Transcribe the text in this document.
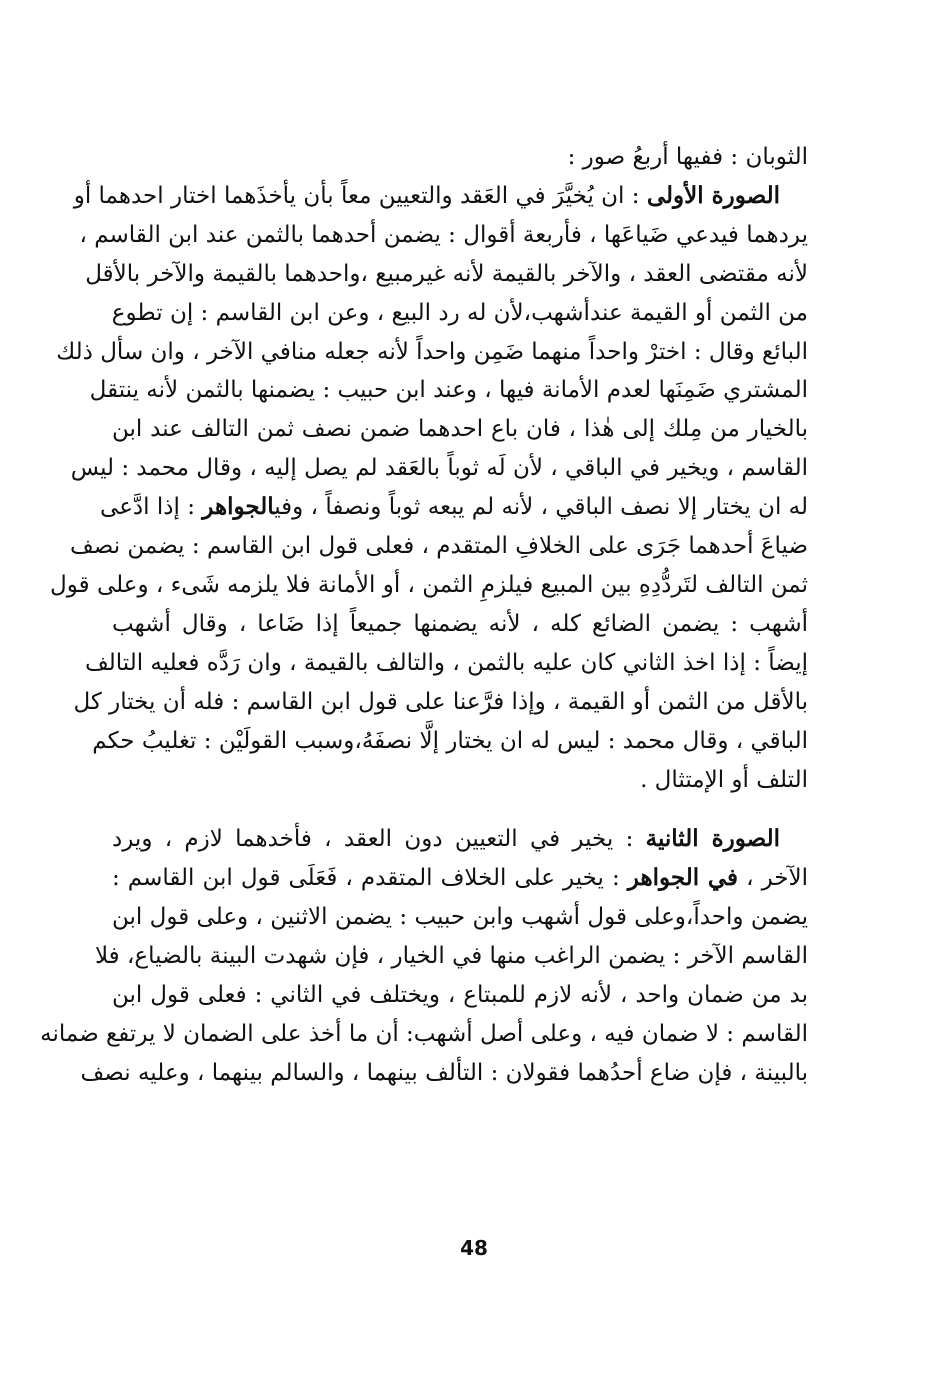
الثوبان : ففيها أربعُ صور :
الصورة الأولى : ان يُخيَّرَ في العَقد والتعيين معاً بأن يأخذَهما اختار احدهما أو
يردهما فيدعي ضَياعَها ، فأربعة أقوال : يضمن أحدهما بالثمن عند ابن القاسم ،
لأنه مقتضى العقد ، والآخر بالقيمة لأنه غيرمبيع ،واحدهما بالقيمة والآخر بالأقل
من الثمن أو القيمة عندأشهب،لأن له رد البيع ، وعن ابن القاسم : إن تطوع
البائع وقال : اخترْ واحداً منهما ضَمِن واحداً لأنه جعله منافي الآخر ، وان سأل ذلك
المشتري ضَمِنَها لعدم الأمانة فيها ، وعند ابن حبيب : يضمنها بالثمن لأنه ينتقل
بالخيار من مِلك إلى هٰذا ، فان باع احدهما ضمن نصف ثمن التالف عند ابن
القاسم ، ويخير في الباقي ، لأن لَه ثوباً بالعَقد لم يصل إليه ، وقال محمد : ليس
له ان يختار إلا نصف الباقي ، لأنه لم يبعه ثوباً ونصفاً ، وفيالجواهر : إذا ادَّعى
ضياعَ أحدهما جَرَى على الخلافِ المتقدم ، فعلى قول ابن القاسم : يضمن نصف
ثمن التالف لتَردُّدِهِ بين المبيع فيلزمِ الثمن ، أو الأمانة فلا يلزمه شَىء ، وعلى قول
أشهب : يضمن الضائع كله ، لأنه يضمنها جميعاً إذا ضَاعا ، وقال أشهب
إيضاً : إذا اخذ الثاني كان عليه بالثمن ، والتالف بالقيمة ، وان رَدَّه فعليه التالف
بالأقل من الثمن أو القيمة ، وإذا فرَّعنا على قول ابن القاسم : فله أن يختار كل
الباقي ، وقال محمد : ليس له ان يختار إلَّا نصفَهُ،وسبب القولَيْن : تغليبُ حكم
التلف أو الإمتثال .
الصورة الثانية : يخير في التعيين دون العقد ، فأخدهما لازم ، ويرد
الآخر ، في الجواهر : يخير على الخلاف المتقدم ، فَعَلَى قول ابن القاسم :
يضمن واحداً،وعلى قول أشهب وابن حبيب : يضمن الاثنين ، وعلى قول ابن
القاسم الآخر : يضمن الراغب منها في الخيار ، فإن شهدت البينة بالضياع، فلا
بد من ضمان واحد ، لأنه لازم للمبتاع ، ويختلف في الثاني : فعلى قول ابن
القاسم : لا ضمان فيه ، وعلى أصل أشهب: أن ما أخذ على الضمان لا يرتفع ضمانه
بالبينة ، فإن ضاع أحدُهما فقولان : التألف بينهما ، والسالم بينهما ، وعليه نصف
48
